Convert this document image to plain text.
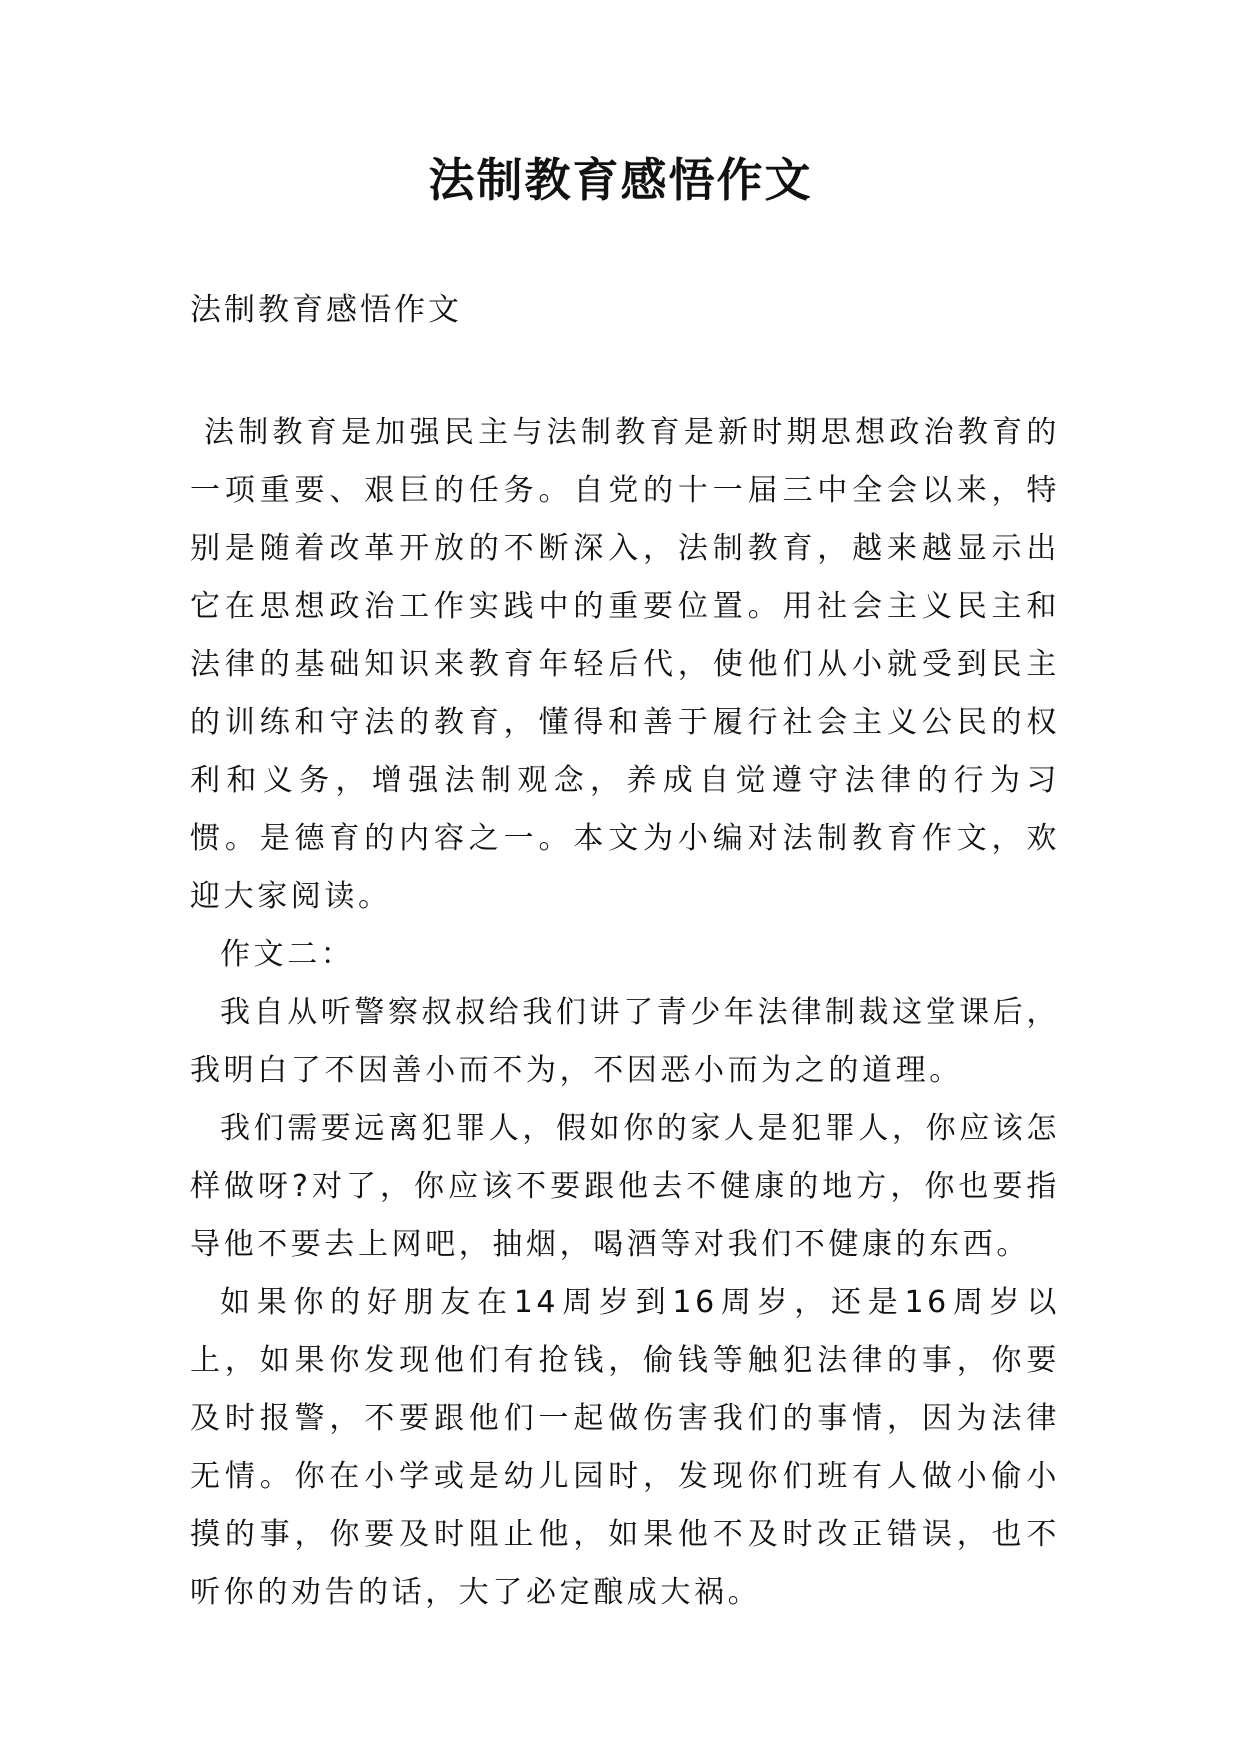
法制教育感悟作文
法制教育感悟作文

法制教育是加强民主与法制教育是新时期思想政治教育的一项重要、艰巨的任务。自党的十一届三中全会以来，特别是随着改革开放的不断深入，法制教育，越来越显示出它在思想政治工作实践中的重要位置。用社会主义民主和法律的基础知识来教育年轻后代，使他们从小就受到民主的训练和守法的教育，懂得和善于履行社会主义公民的权利和义务，增强法制观念，养成自觉遵守法律的行为习惯。是德育的内容之一。本文为小编对法制教育作文，欢迎大家阅读。

作文二：

我自从听警察叔叔给我们讲了青少年法律制裁这堂课后，我明白了不因善小而不为，不因恶小而为之的道理。

我们需要远离犯罪人，假如你的家人是犯罪人，你应该怎样做呀?对了，你应该不要跟他去不健康的地方，你也要指导他不要去上网吧，抽烟，喝酒等对我们不健康的东西。

如果你的好朋友在14周岁到16周岁，还是16周岁以上，如果你发现他们有抢钱，偷钱等触犯法律的事，你要及时报警，不要跟他们一起做伤害我们的事情，因为法律无情。你在小学或是幼儿园时，发现你们班有人做小偷小摸的事，你要及时阻止他，如果他不及时改正错误，也不听你的劝告的话，大了必定酿成大祸。
